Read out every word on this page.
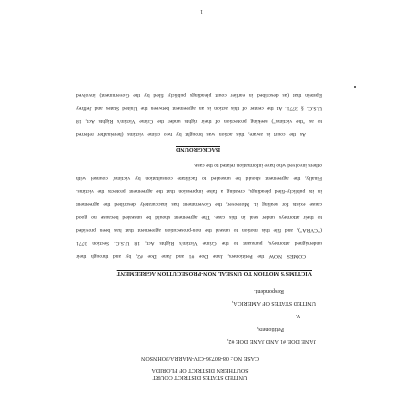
UNITED STATES DISTRICT COURT
SOUTHERN DISTRICT OF FLORIDA
CASE NO.: 08-80736-CIV-MARRA/JOHNSON
JANE DOE #1 AND JANE DOE #2,
Petitioners,
v.
UNITED STATES OF AMERICA,
Respondent.
VICTIMS'S MOTION TO UNSEAL NON-PROSECUTION AGREEMENT
COMES NOW the Petitioners, Jane Doe #1 and Jane Doe #2, by and through their
undersigned attorneys, pursuant to the Crime Victim's Rights Act, 18 U.S.C. Section 3771
("CVRA"), and file this motion to unseal the non-prosecution agreement that has been provided
to their attorneys under seal in this case. The agreement should be unsealed because no good
cause exists for sealing it. Moreover, the Government has inaccurately described the agreement
in its publicly-filed pleadings, creating a false impression that the agreement protects the victims.
Finally, the agreement should be unsealed to facilitate consultation by victims' counsel with
others involved who have information related to the case.
BACKGROUND
As the court is aware, this action was brought by two crime victims (hereinafter referred
to as "the victims") seeking protection of their rights under the Crime Victim's Rights Act, 18
U.S.C. § 3771. At the center of this action is an agreement between the United States and Jeffrey
Epstein that (as described in earlier court pleadings publicly filed by the Government) involved
1
